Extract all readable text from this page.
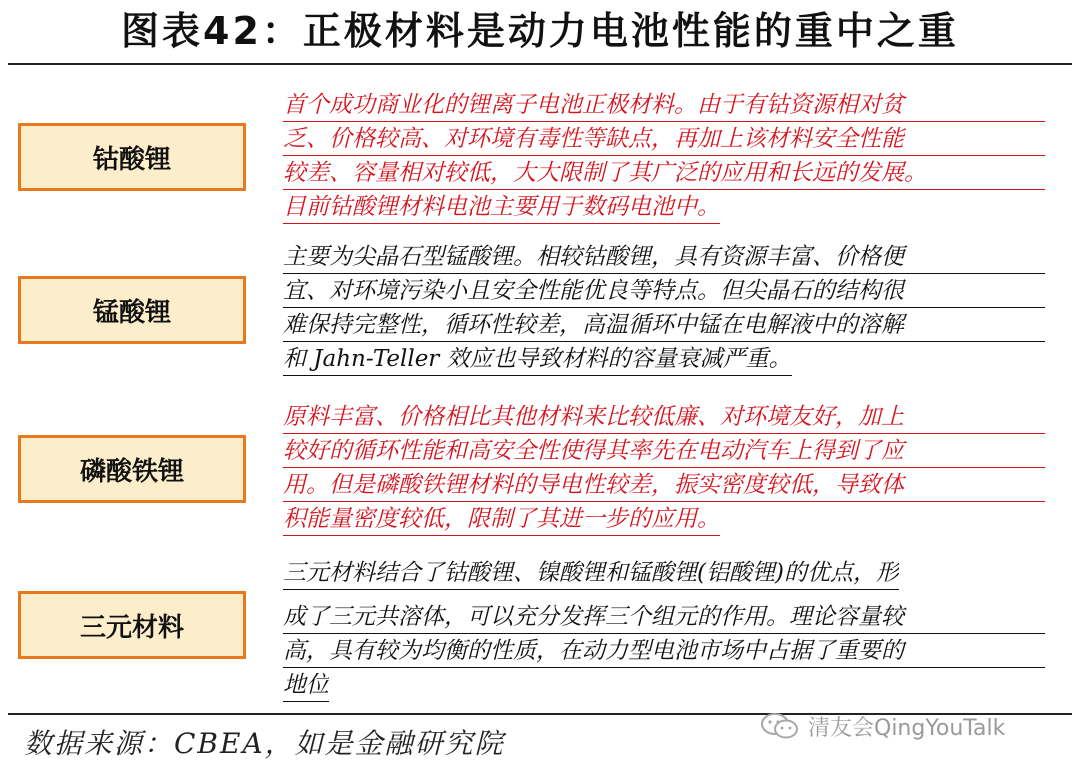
图表42：正极材料是动力电池性能的重中之重
钴酸锂
首个成功商业化的锂离子电池正极材料。由于有钴资源相对贫
乏、价格较高、对环境有毒性等缺点，再加上该材料安全性能
较差、容量相对较低，大大限制了其广泛的应用和长远的发展。
目前钴酸锂材料电池主要用于数码电池中。
锰酸锂
主要为尖晶石型锰酸锂。相较钴酸锂，具有资源丰富、价格便
宜、对环境污染小且安全性能优良等特点。但尖晶石的结构很
难保持完整性，循环性较差，高温循环中锰在电解液中的溶解
和 Jahn-Teller 效应也导致材料的容量衰减严重。
磷酸铁锂
原料丰富、价格相比其他材料来比较低廉、对环境友好，加上
较好的循环性能和高安全性使得其率先在电动汽车上得到了应
用。但是磷酸铁锂材料的导电性较差，振实密度较低，导致体
积能量密度较低，限制了其进一步的应用。
三元材料
三元材料结合了钴酸锂、镍酸锂和锰酸锂(铝酸锂)的优点，形
成了三元共溶体，可以充分发挥三个组元的作用。理论容量较
高，具有较为均衡的性质，在动力型电池市场中占据了重要的
地位
数据来源：CBEA，如是金融研究院	清友会QingYouTalk
